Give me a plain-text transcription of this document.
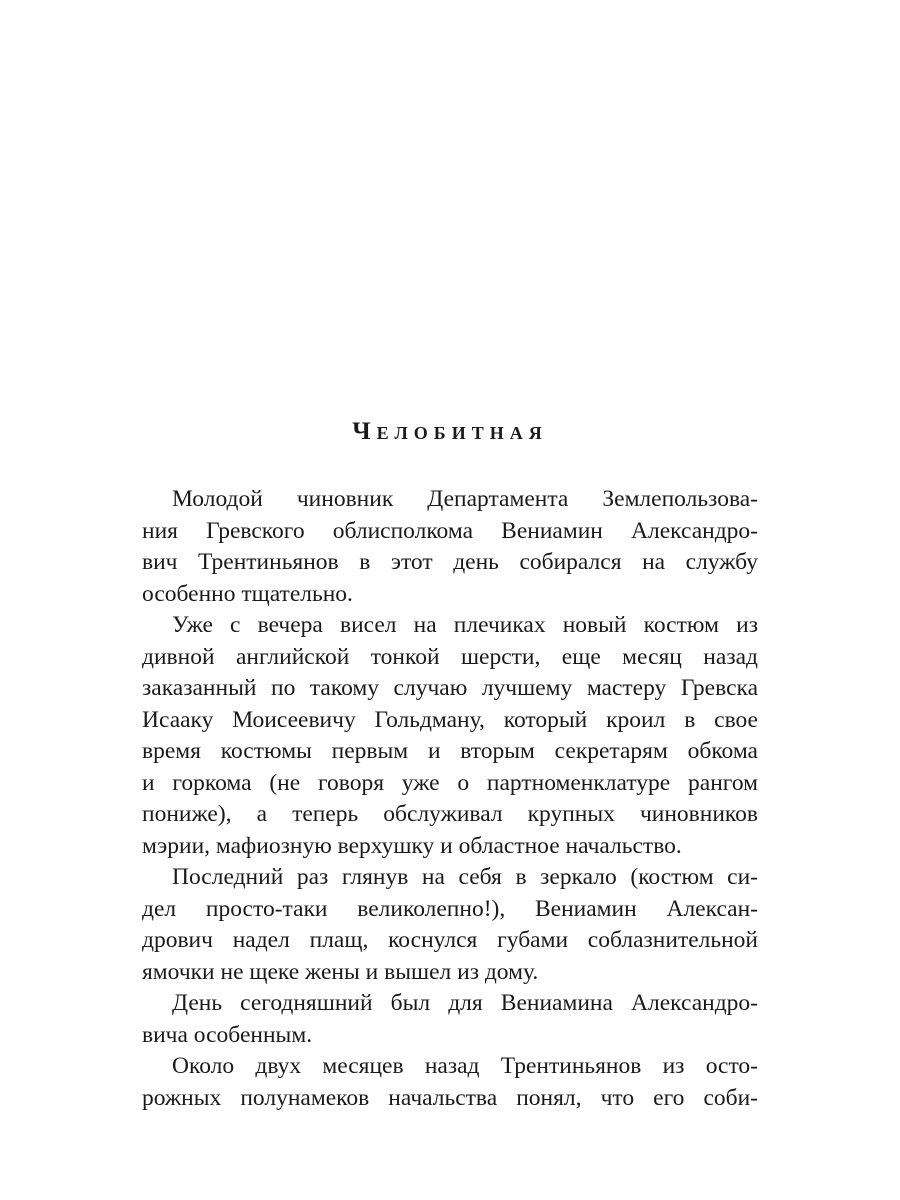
Челобитная
Молодой чиновник Департамента Землепользова-
ния Гревского облисполкома Вениамин Александро-
вич Трентиньянов в этот день собирался на службу
особенно тщательно.
Уже с вечера висел на плечиках новый костюм из
дивной английской тонкой шерсти, еще месяц назад
заказанный по такому случаю лучшему мастеру Гревска
Исааку Моисеевичу Гольдману, который кроил в свое
время костюмы первым и вторым секретарям обкома
и горкома (не говоря уже о партноменклатуре рангом
пониже), а теперь обслуживал крупных чиновников
мэрии, мафиозную верхушку и областное начальство.
Последний раз глянув на себя в зеркало (костюм си-
дел просто-таки великолепно!), Вениамин Алексан-
дрович надел плащ, коснулся губами соблазнительной
ямочки не щеке жены и вышел из дому.
День сегодняшний был для Вениамина Александро-
вича особенным.
Около двух месяцев назад Трентиньянов из осто-
рожных полунамеков начальства понял, что его соби-
